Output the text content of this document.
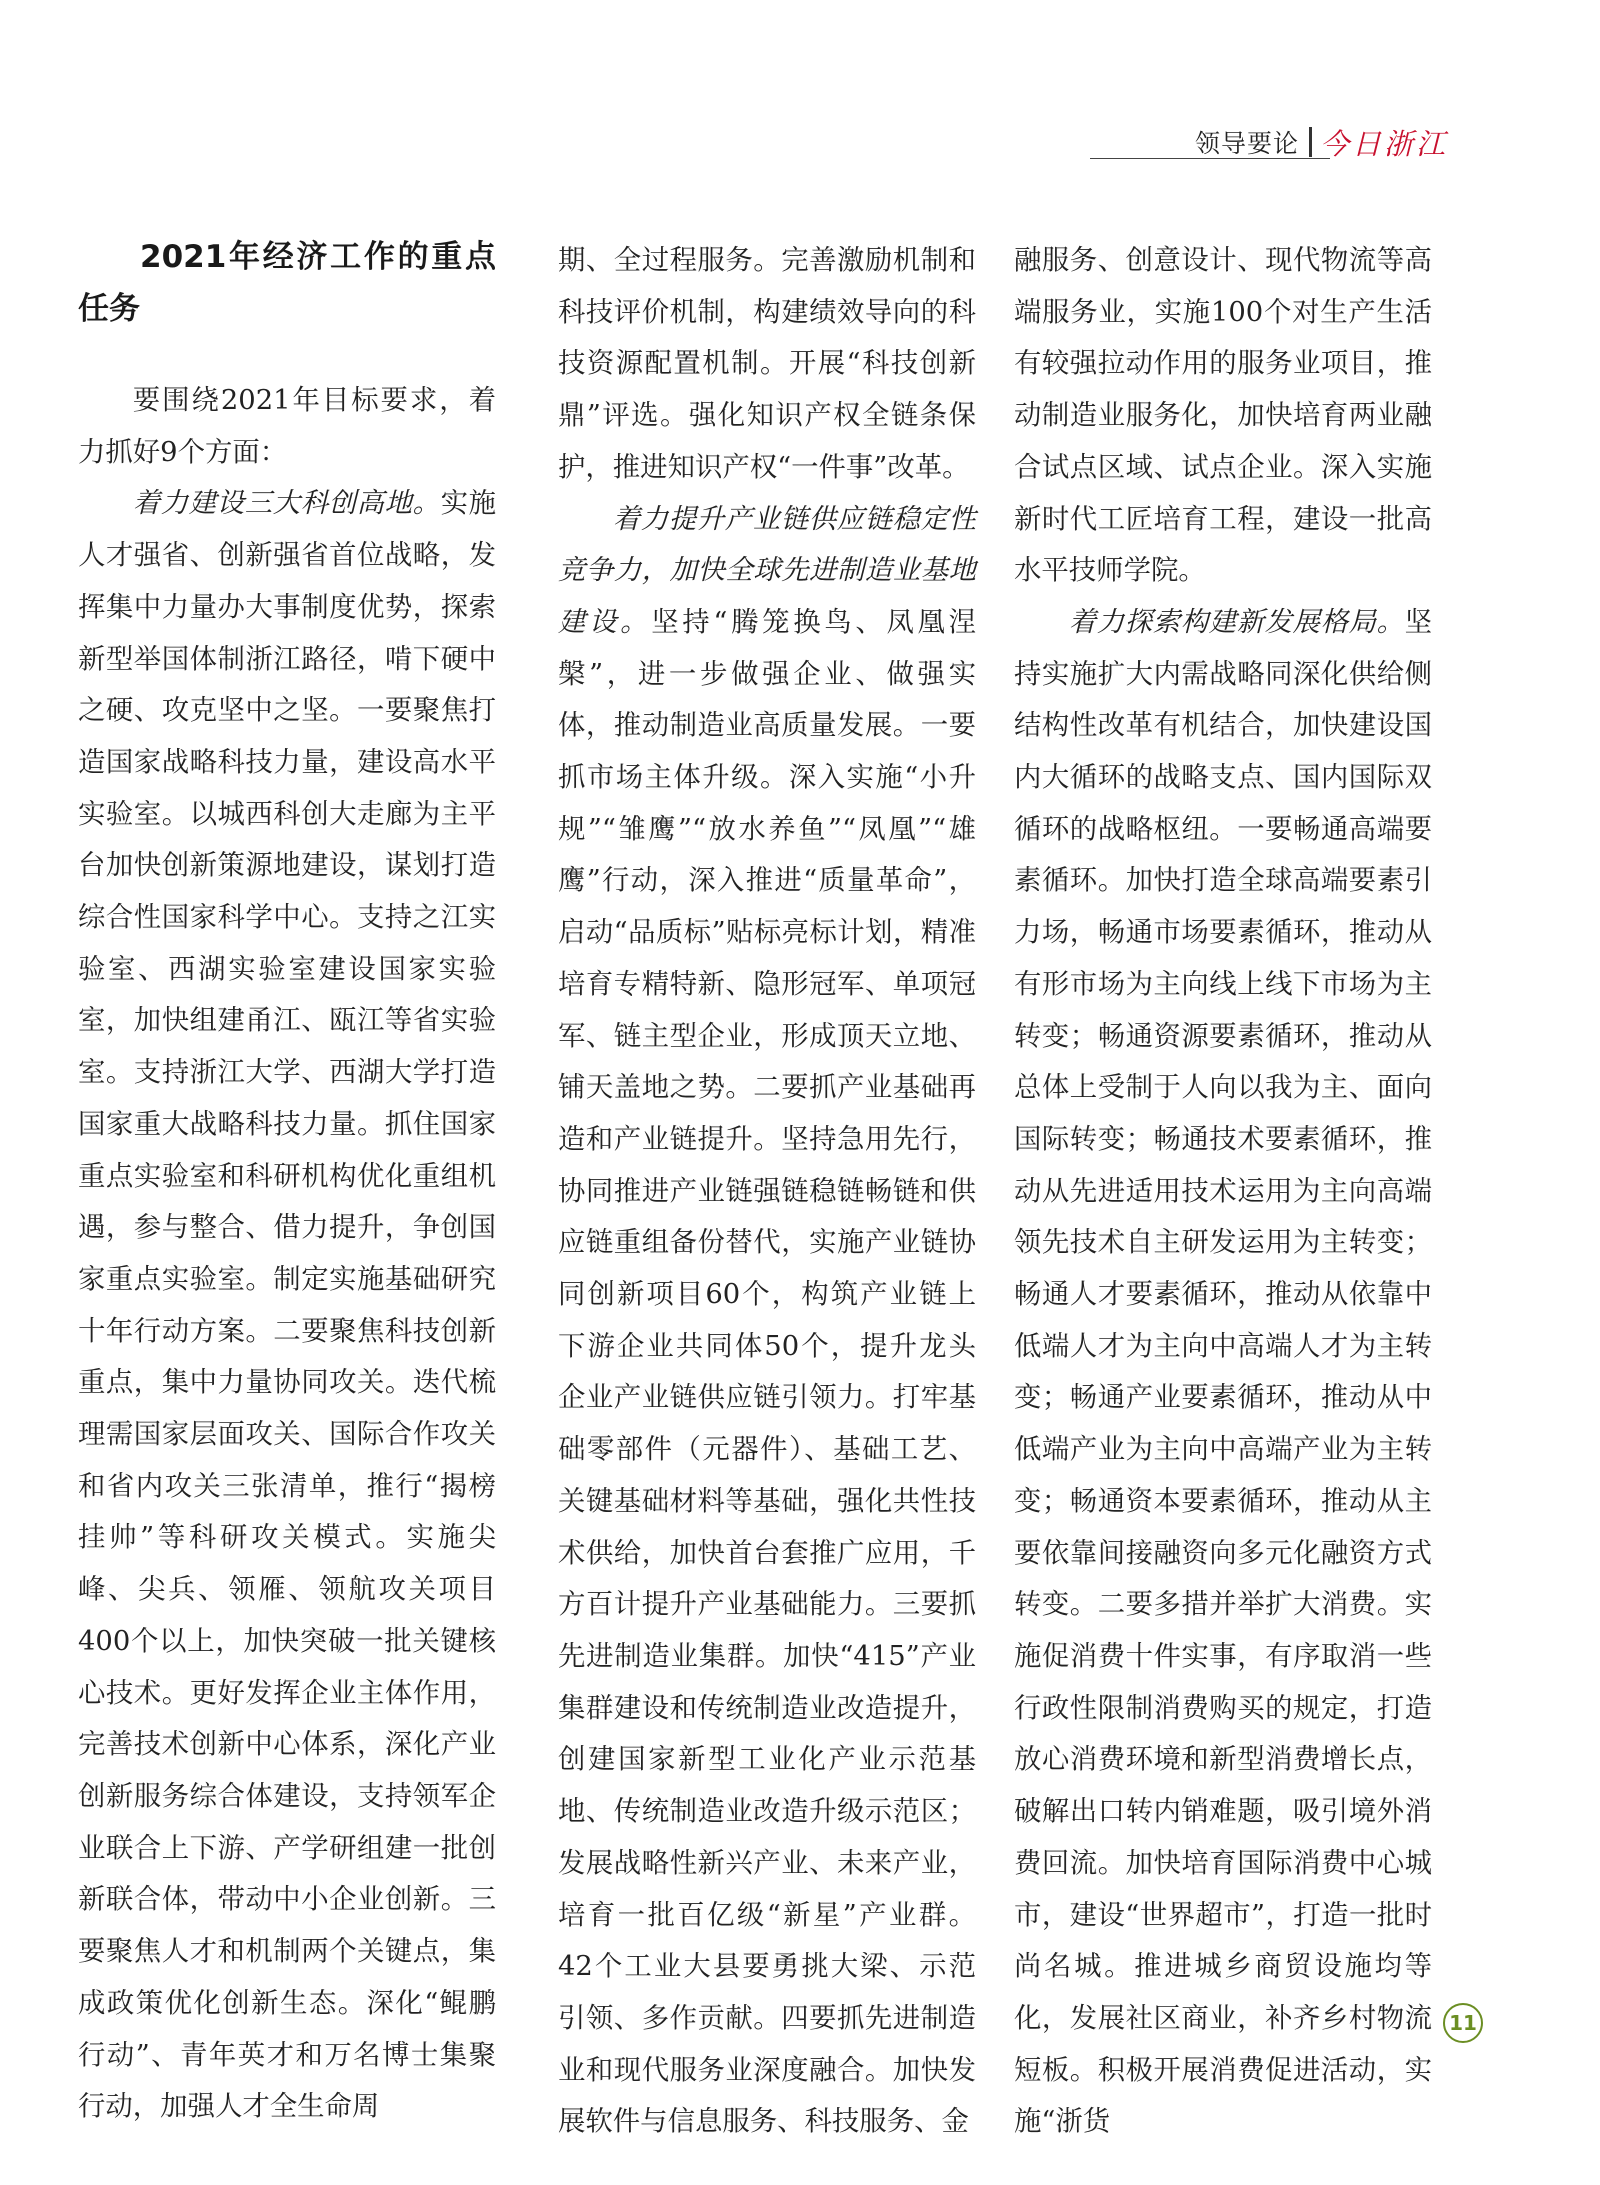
领导要论 今日浙江
2021年经济工作的重点任务

要围绕2021年目标要求，着力抓好9个方面：

着力建设三大科创高地。实施人才强省、创新强省首位战略，发挥集中力量办大事制度优势，探索新型举国体制浙江路径，啃下硬中之硬、攻克坚中之坚。一要聚焦打造国家战略科技力量，建设高水平实验室。以城西科创大走廊为主平台加快创新策源地建设，谋划打造综合性国家科学中心。支持之江实验室、西湖实验室建设国家实验室，加快组建甬江、瓯江等省实验室。支持浙江大学、西湖大学打造国家重大战略科技力量。抓住国家重点实验室和科研机构优化重组机遇，参与整合、借力提升，争创国家重点实验室。制定实施基础研究十年行动方案。二要聚焦科技创新重点，集中力量协同攻关。迭代梳理需国家层面攻关、国际合作攻关和省内攻关三张清单，推行“揭榜挂帅”等科研攻关模式。实施尖峰、尖兵、领雁、领航攻关项目400个以上，加快突破一批关键核心技术。更好发挥企业主体作用，完善技术创新中心体系，深化产业创新服务综合体建设，支持领军企业联合上下游、产学研组建一批创新联合体，带动中小企业创新。三要聚焦人才和机制两个关键点，集成政策优化创新生态。深化“鲲鹏行动”、青年英才和万名博士集聚行动，加强人才全生命周

期、全过程服务。完善激励机制和科技评价机制，构建绩效导向的科技资源配置机制。开展“科技创新鼎”评选。强化知识产权全链条保护，推进知识产权“一件事”改革。

着力提升产业链供应链稳定性竞争力，加快全球先进制造业基地建设。坚持“腾笼换鸟、凤凰涅槃”，进一步做强企业、做强实体，推动制造业高质量发展。一要抓市场主体升级。深入实施“小升规”“雏鹰”“放水养鱼”“凤凰”“雄鹰”行动，深入推进“质量革命”，启动“品质标”贴标亮标计划，精准培育专精特新、隐形冠军、单项冠军、链主型企业，形成顶天立地、铺天盖地之势。二要抓产业基础再造和产业链提升。坚持急用先行，协同推进产业链强链稳链畅链和供应链重组备份替代，实施产业链协同创新项目60个，构筑产业链上下游企业共同体50个，提升龙头企业产业链供应链引领力。打牢基础零部件（元器件）、基础工艺、关键基础材料等基础，强化共性技术供给，加快首台套推广应用，千方百计提升产业基础能力。三要抓先进制造业集群。加快“415”产业集群建设和传统制造业改造提升，创建国家新型工业化产业示范基地、传统制造业改造升级示范区；发展战略性新兴产业、未来产业，培育一批百亿级“新星”产业群。42个工业大县要勇挑大梁、示范引领、多作贡献。四要抓先进制造业和现代服务业深度融合。加快发展软件与信息服务、科技服务、金

融服务、创意设计、现代物流等高端服务业，实施100个对生产生活有较强拉动作用的服务业项目，推动制造业服务化，加快培育两业融合试点区域、试点企业。深入实施新时代工匠培育工程，建设一批高水平技师学院。

着力探索构建新发展格局。坚持实施扩大内需战略同深化供给侧结构性改革有机结合，加快建设国内大循环的战略支点、国内国际双循环的战略枢纽。一要畅通高端要素循环。加快打造全球高端要素引力场，畅通市场要素循环，推动从有形市场为主向线上线下市场为主转变；畅通资源要素循环，推动从总体上受制于人向以我为主、面向国际转变；畅通技术要素循环，推动从先进适用技术运用为主向高端领先技术自主研发运用为主转变；畅通人才要素循环，推动从依靠中低端人才为主向中高端人才为主转变；畅通产业要素循环，推动从中低端产业为主向中高端产业为主转变；畅通资本要素循环，推动从主要依靠间接融资向多元化融资方式转变。二要多措并举扩大消费。实施促消费十件实事，有序取消一些行政性限制消费购买的规定，打造放心消费环境和新型消费增长点，破解出口转内销难题，吸引境外消费回流。加快培育国际消费中心城市，建设“世界超市”，打造一批时尚名城。推进城乡商贸设施均等化，发展社区商业，补齐乡村物流短板。积极开展消费促进活动，实施“浙货

11
